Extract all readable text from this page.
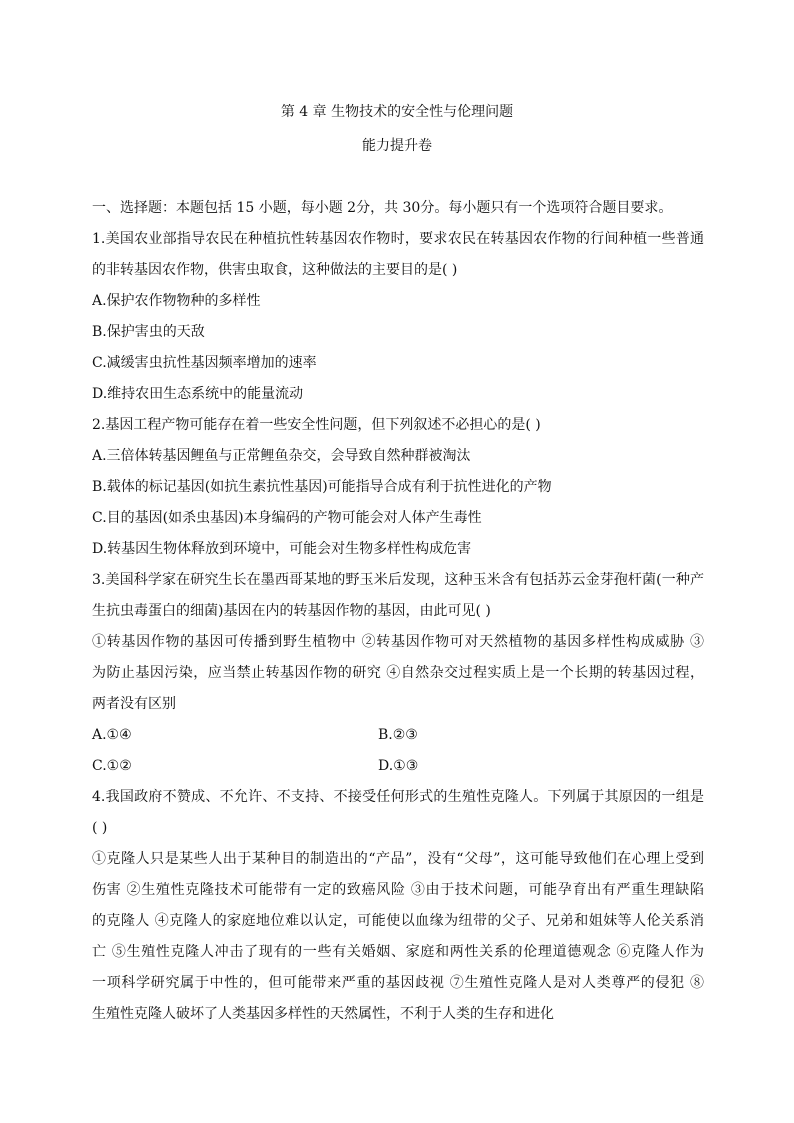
第 4 章 生物技术的安全性与伦理问题
能力提升卷
一、选择题：本题包括 15 小题，每小题 2分，共 30分。每小题只有一个选项符合题目要求。
1.美国农业部指导农民在种植抗性转基因农作物时，要求农民在转基因农作物的行间种植一些普通
的非转基因农作物，供害虫取食，这种做法的主要目的是( )
A.保护农作物物种的多样性
B.保护害虫的天敌
C.减缓害虫抗性基因频率增加的速率
D.维持农田生态系统中的能量流动
2.基因工程产物可能存在着一些安全性问题，但下列叙述不必担心的是( )
A.三倍体转基因鲤鱼与正常鲤鱼杂交，会导致自然种群被淘汰
B.载体的标记基因(如抗生素抗性基因)可能指导合成有利于抗性进化的产物
C.目的基因(如杀虫基因)本身编码的产物可能会对人体产生毒性
D.转基因生物体释放到环境中，可能会对生物多样性构成危害
3.美国科学家在研究生长在墨西哥某地的野玉米后发现，这种玉米含有包括苏云金芽孢杆菌(一种产
生抗虫毒蛋白的细菌)基因在内的转基因作物的基因，由此可见( )
①转基因作物的基因可传播到野生植物中 ②转基因作物可对天然植物的基因多样性构成威胁 ③
为防止基因污染，应当禁止转基因作物的研究 ④自然杂交过程实质上是一个长期的转基因过程，
两者没有区别
A.①④	B.②③
C.①②	D.①③
4.我国政府不赞成、不允许、不支持、不接受任何形式的生殖性克隆人。下列属于其原因的一组是
( )
①克隆人只是某些人出于某种目的制造出的“产品”，没有“父母”，这可能导致他们在心理上受到
伤害 ②生殖性克隆技术可能带有一定的致癌风险 ③由于技术问题，可能孕育出有严重生理缺陷
的克隆人 ④克隆人的家庭地位难以认定，可能使以血缘为纽带的父子、兄弟和姐妹等人伦关系消
亡 ⑤生殖性克隆人冲击了现有的一些有关婚姻、家庭和两性关系的伦理道德观念 ⑥克隆人作为
一项科学研究属于中性的，但可能带来严重的基因歧视 ⑦生殖性克隆人是对人类尊严的侵犯 ⑧
生殖性克隆人破坏了人类基因多样性的天然属性，不利于人类的生存和进化
